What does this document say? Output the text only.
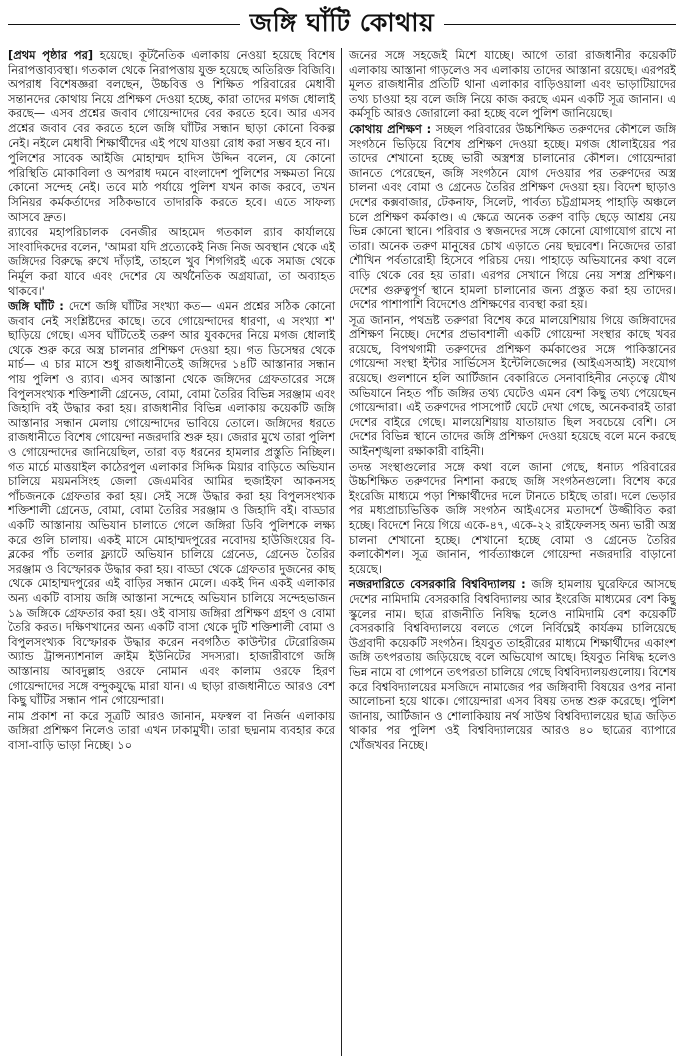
জঙ্গি ঘাঁটি কোথায়

[প্রথম পৃষ্ঠার পর] হয়েছে। কূটনৈতিক এলাকায় নেওয়া হয়েছে বিশেষ নিরাপত্তাব্যবস্থা। গতকাল থেকে নিরাপত্তায় যুক্ত হয়েছে অতিরিক্ত বিজিবি। অপরাধ বিশেষজ্ঞরা বলছেন, উচ্চবিত্ত ও শিক্ষিত পরিবারের মেধাবী সন্তানদের কোথায় নিয়ে প্রশিক্ষণ দেওয়া হচ্ছে, কারা তাদের মগজ ধোলাই করছে— এসব প্রশ্নের জবাব গোয়েন্দাদের বের করতে হবে। আর এসব প্রশ্নের জবাব বের করতে হলে জঙ্গি ঘাঁটির সন্ধান ছাড়া কোনো বিকল্প নেই। নইলে মেধাবী শিক্ষার্থীদের এই পথে যাওয়া রোধ করা সম্ভব হবে না।

পুলিশের সাবেক আইজি মোহাম্মদ হাদিস উদ্দিন বলেন, যে কোনো পরিস্থিতি মোকাবিলা ও অপরাধ দমনে বাংলাদেশ পুলিশের সক্ষমতা নিয়ে কোনো সন্দেহ নেই। তবে মাঠ পর্যায়ে পুলিশ যখন কাজ করবে, তখন সিনিয়র কর্মকর্তাদের সঠিকভাবে তাদারকি করতে হবে। এতে সাফল্য আসবে দ্রুত।

র‍্যাবের মহাপরিচালক বেনজীর আহমেদ গতকাল র‍্যাব কার্যালয়ে সাংবাদিকদের বলেন, 'আমরা যদি প্রত্যেকেই নিজ নিজ অবস্থান থেকে এই জঙ্গিদের বিরুদ্ধে রুখে দাঁড়াই, তাহলে খুব শিগগিরই একে সমাজ থেকে নির্মূল করা যাবে এবং দেশের যে অর্থনৈতিক অগ্রযাত্রা, তা অব্যাহত থাকবে।'

জঙ্গি ঘাঁটি : দেশে জঙ্গি ঘাঁটির সংখ্যা কত— এমন প্রশ্নের সঠিক কোনো জবাব নেই সংশ্লিষ্টদের কাছে। তবে গোয়েন্দাদের ধারণা, এ সংখ্যা শ' ছাড়িয়ে গেছে। এসব ঘাঁটিতেই তরুণ আর যুবকদের নিয়ে মগজ ধোলাই থেকে শুরু করে অস্ত্র চালনার প্রশিক্ষণ দেওয়া হয়। গত ডিসেম্বর থেকে মার্চ— এ চার মাসে শুধু রাজধানীতেই জঙ্গিদের ১৪টি আস্তানার সন্ধান পায় পুলিশ ও র‍্যাব। এসব আস্তানা থেকে জঙ্গিদের গ্রেফতারের সঙ্গে বিপুলসংখ্যক শক্তিশালী গ্রেনেড, বোমা, বোমা তৈরির বিভিন্ন সরঞ্জাম এবং জিহাদি বই উদ্ধার করা হয়। রাজধানীর বিভিন্ন এলাকায় কয়েকটি জঙ্গি আস্তানার সন্ধান মেলায় গোয়েন্দাদের ভাবিয়ে তোলে। জঙ্গিদের ধরতে রাজধানীতে বিশেষ গোয়েন্দা নজরদারি শুরু হয়। জেরার মুখে তারা পুলিশ ও গোয়েন্দাদের জানিয়েছিল, তারা বড় ধরনের হামলার প্রস্তুতি নিচ্ছিল। গত মার্চে মাত্তয়াইল কাঠেরপুল এলাকার সিদ্দিক মিয়ার বাড়িতে অভিযান চালিয়ে ময়মনসিংহ জেলা জেএমবির আমির হুজাইফা আকনসহ পাঁচজনকে গ্রেফতার করা হয়। সেই সঙ্গে উদ্ধার করা হয় বিপুলসংখ্যক শক্তিশালী গ্রেনেড, বোমা, বোমা তৈরির সরঞ্জাম ও জিহাদি বই। বাড্ডার একটি আস্তানায় অভিযান চালাতে গেলে জঙ্গিরা ডিবি পুলিশকে লক্ষ্য করে গুলি চালায়। একই মাসে মোহাম্মদপুরের নবোদয় হাউজিংয়ের বি-ব্লকের পাঁচ তলার ফ্ল্যাটে অভিযান চালিয়ে গ্রেনেড, গ্রেনেড তৈরির সরঞ্জাম ও বিস্ফোরক উদ্ধার করা হয়। বাড্ডা থেকে গ্রেফতার দুজনের কাছ থেকে মোহাম্মদপুরের এই বাড়ির সন্ধান মেলে। একই দিন একই এলাকার অন্য একটি বাসায় জঙ্গি আস্তানা সন্দেহে অভিযান চালিয়ে সন্দেহভাজন ১৯ জঙ্গিকে গ্রেফতার করা হয়। ওই বাসায় জঙ্গিরা প্রশিক্ষণ গ্রহণ ও বোমা তৈরি করত। দক্ষিণখানের অন্য একটি বাসা থেকে দুটি শক্তিশালী বোমা ও বিপুলসংখ্যক বিস্ফোরক উদ্ধার করেন নবগঠিত কাউন্টার টেরোরিজম অ্যান্ড ট্রান্সন্যাশনাল ক্রাইম ইউনিটের সদস্যরা। হাজারীবাগে জঙ্গি আস্তানায় আবদুল্লাহ ওরফে নোমান এবং কালাম ওরফে হিরণ গোয়েন্দাদের সঙ্গে বন্দুকযুদ্ধে মারা যান। এ ছাড়া রাজধানীতে আরও বেশ কিছু ঘাঁটির সন্ধান পান গোয়েন্দারা।

নাম প্রকাশ না করে সূত্রটি আরও জানান, মফস্বল বা নির্জন এলাকায় জঙ্গিরা প্রশিক্ষণ নিলেও তারা এখন ঢাকামুখী। তারা ছদ্মনাম ব্যবহার করে বাসা-বাড়ি ভাড়া নিচ্ছে। ১০

জনের সঙ্গে সহজেই মিশে যাচ্ছে। আগে তারা রাজধানীর কয়েকটি এলাকায় আস্তানা গাড়লেও সব এলাকায় তাদের আস্তানা রয়েছে। এরপরই মূলত রাজধানীর প্রতিটি থানা এলাকার বাড়িওয়ালা এবং ভাড়াটিয়াদের তথ্য চাওয়া হয় বলে জঙ্গি নিয়ে কাজ করছে এমন একটি সূত্র জানান। এ কর্মসূচি আরও জোরালো করা হচ্ছে বলে পুলিশ জানিয়েছে।

কোথায় প্রশিক্ষণ : সচ্ছল পরিবারের উচ্চশিক্ষিত তরুণদের কৌশলে জঙ্গি সংগঠনে ভিড়িয়ে বিশেষ প্রশিক্ষণ দেওয়া হচ্ছে। মগজ ধোলাইয়ের পর তাদের শেখানো হচ্ছে ভারী অস্ত্রশস্ত্র চালানোর কৌশল। গোয়েন্দারা জানতে পেরেছেন, জঙ্গি সংগঠনে যোগ দেওয়ার পর তরুণদের অস্ত্র চালনা এবং বোমা ও গ্রেনেড তৈরির প্রশিক্ষণ দেওয়া হয়। বিদেশ ছাড়াও দেশের কক্সবাজার, টেকনাফ, সিলেট, পার্বত্য চট্টগ্রামসহ পাহাড়ি অঞ্চলে চলে প্রশিক্ষণ কর্মকাণ্ড। এ ক্ষেত্রে অনেক তরুণ বাড়ি ছেড়ে আশ্রয় নেয় ভিন্ন কোনো স্থানে। পরিবার ও স্বজনদের সঙ্গে কোনো যোগাযোগ রাখে না তারা। অনেক তরুণ মানুষের চোখ এড়াতে নেয় ছদ্মবেশ। নিজেদের তারা শৌখিন পর্বতারোহী হিসেবে পরিচয় দেয়। পাহাড়ে অভিযানের কথা বলে বাড়ি থেকে বের হয় তারা। এরপর সেখানে গিয়ে নেয় সশস্ত্র প্রশিক্ষণ। দেশের গুরুত্বপূর্ণ স্থানে হামলা চালানোর জন্য প্রস্তুত করা হয় তাদের। দেশের পাশাপাশি বিদেশেও প্রশিক্ষণের ব্যবস্থা করা হয়।

সূত্র জানান, পথভ্রষ্ট তরুণরা বিশেষ করে মালয়েশিয়ায় গিয়ে জঙ্গিবাদের প্রশিক্ষণ নিচ্ছে। দেশের প্রভাবশালী একটি গোয়েন্দা সংস্থার কাছে খবর রয়েছে, বিপথগামী তরুণদের প্রশিক্ষণ কর্মকাণ্ডের সঙ্গে পাকিস্তানের গোয়েন্দা সংস্থা ইন্টার সার্ভিসেস ইন্টেলিজেন্সের (আইএসআই) সংযোগ রয়েছে। গুলশানে হলি আর্টিজান বেকারিতে সেনাবাহিনীর নেতৃত্বে যৌথ অভিযানে নিহত পাঁচ জঙ্গির তথ্য ঘেটেও এমন বেশ কিছু তথ্য পেয়েছেন গোয়েন্দারা। এই তরুণদের পাসপোর্ট ঘেটে দেখা গেছে, অনেকবারই তারা দেশের বাইরে গেছে। মালয়েশিয়ায় যাতায়াত ছিল সবচেয়ে বেশি। সে দেশের বিভিন্ন স্থানে তাদের জঙ্গি প্রশিক্ষণ দেওয়া হয়েছে বলে মনে করছে আইনশৃঙ্খলা রক্ষাকারী বাহিনী।

তদন্ত সংস্থাগুলোর সঙ্গে কথা বলে জানা গেছে, ধনাঢ্য পরিবারের উচ্চশিক্ষিত তরুণদের নিশানা করছে জঙ্গি সংগঠনগুলো। বিশেষ করে ইংরেজি মাধ্যমে পড়া শিক্ষার্থীদের দলে টানতে চাইছে তারা। দলে ভেড়ার পর মধ্যপ্রাচ্যভিত্তিক জঙ্গি সংগঠন আইএসের মতাদর্শে উজ্জীবিত করা হচ্ছে। বিদেশে নিয়ে গিয়ে একে-৪৭, একে-২২ রাইফেলসহ অন্য ভারী অস্ত্র চালনা শেখানো হচ্ছে। শেখানো হচ্ছে বোমা ও গ্রেনেড তৈরির কলাকৌশল। সূত্র জানান, পার্বত্যাঞ্চলে গোয়েন্দা নজরদারি বাড়ানো হয়েছে।

নজরদারিতে বেসরকারি বিশ্ববিদ্যালয় : জঙ্গি হামলায় ঘুরেফিরে আসছে দেশের নামিদামি বেসরকারি বিশ্ববিদ্যালয় আর ইংরেজি মাধ্যমের বেশ কিছু স্কুলের নাম। ছাত্র রাজনীতি নিষিদ্ধ হলেও নামিদামি বেশ কয়েকটি বেসরকারি বিশ্ববিদ্যালয়ে বলতে গেলে নির্বিঘ্নেই কার্যক্রম চালিয়েছে উগ্রবাদী কয়েকটি সংগঠন। হিযবুত তাহরীরের মাধ্যমে শিক্ষার্থীদের একাংশ জঙ্গি তৎপরতায় জড়িয়েছে বলে অভিযোগ আছে। হিযবুত নিষিদ্ধ হলেও ভিন্ন নামে বা গোপনে তৎপরতা চালিয়ে গেছে বিশ্ববিদ্যালয়গুলোয়। বিশেষ করে বিশ্ববিদ্যালয়ের মসজিদে নামাজের পর জঙ্গিবাদী বিষয়ের ওপর নানা আলোচনা হয়ে থাকে। গোয়েন্দারা এসব বিষয় তদন্ত শুরু করেছে। পুলিশ জানায়, আর্টিজান ও শোলাকিয়ায় নর্থ সাউথ বিশ্ববিদ্যালয়ের ছাত্র জড়িত থাকার পর পুলিশ ওই বিশ্ববিদ্যালয়ের আরও ৪০ ছাত্রের ব্যাপারে খোঁজখবর নিচ্ছে।
